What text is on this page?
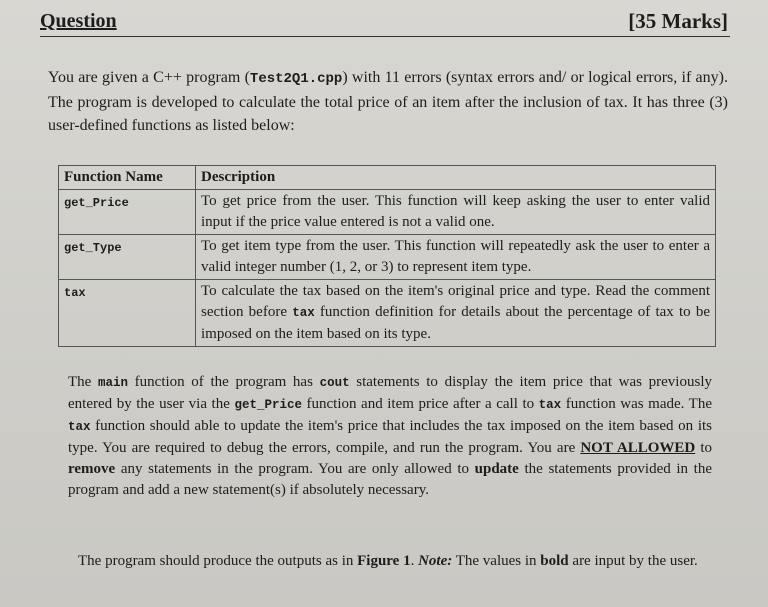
Question	[35 Marks]
You are given a C++ program (Test2Q1.cpp) with 11 errors (syntax errors and/ or logical errors, if any). The program is developed to calculate the total price of an item after the inclusion of tax. It has three (3) user-defined functions as listed below:
Function Name	Description
get_Price	To get price from the user. This function will keep asking the user to enter valid input if the price value entered is not a valid one.
get_Type	To get item type from the user. This function will repeatedly ask the user to enter a valid integer number (1, 2, or 3) to represent item type.
tax	To calculate the tax based on the item's original price and type. Read the comment section before tax function definition for details about the percentage of tax to be imposed on the item based on its type.
The main function of the program has cout statements to display the item price that was previously entered by the user via the get_Price function and item price after a call to tax function was made. The tax function should able to update the item's price that includes the tax imposed on the item based on its type. You are required to debug the errors, compile, and run the program. You are NOT ALLOWED to remove any statements in the program. You are only allowed to update the statements provided in the program and add a new statement(s) if absolutely necessary.
The program should produce the outputs as in Figure 1. Note: The values in bold are input by the user.
